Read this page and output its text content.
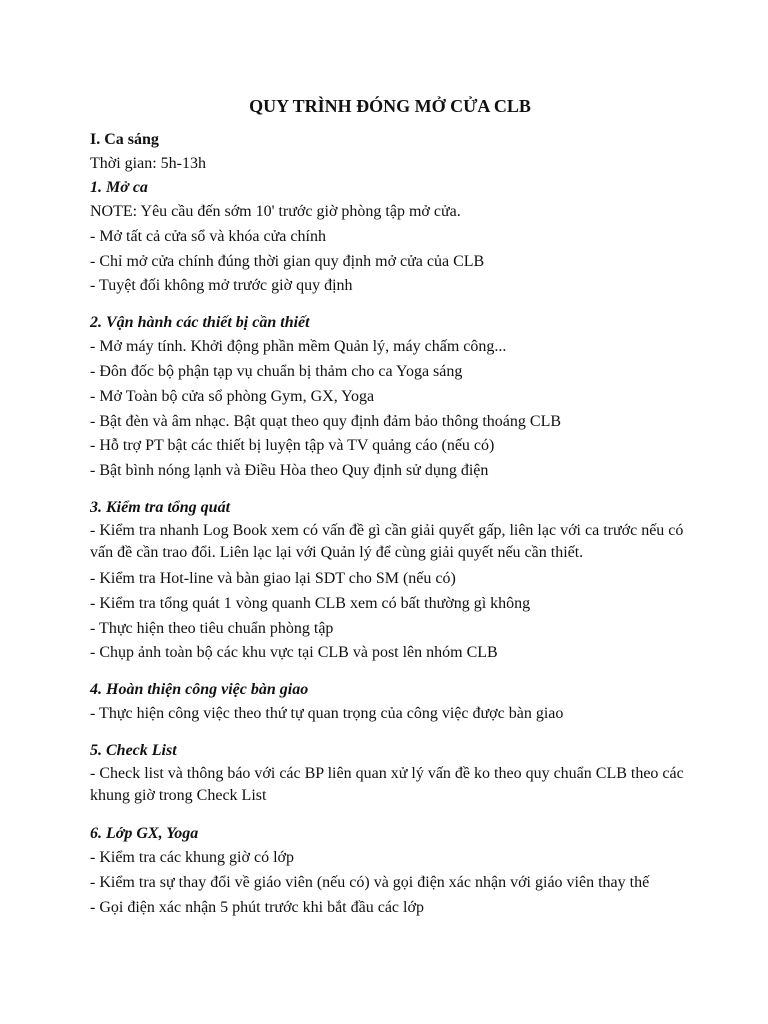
QUY TRÌNH ĐÓNG MỞ CỬA CLB

I. Ca sáng

Thời gian: 5h-13h

1. Mở ca

NOTE: Yêu cầu đến sớm 10' trước giờ phòng tập mở cửa.
- Mở tất cả cửa sổ và khóa cửa chính
- Chỉ mở cửa chính đúng thời gian quy định mở cửa của CLB
- Tuyệt đối không mở trước giờ quy định

2. Vận hành các thiết bị cần thiết

- Mở máy tính. Khởi động phần mềm Quản lý, máy chấm công...
- Đôn đốc bộ phận tạp vụ chuẩn bị thảm cho ca Yoga sáng
- Mở Toàn bộ cửa sổ phòng Gym, GX, Yoga
- Bật đèn và âm nhạc. Bật quạt theo quy định đảm bảo thông thoáng CLB
- Hỗ trợ PT bật các thiết bị luyện tập và TV quảng cáo (nếu có)
- Bật bình nóng lạnh và Điều Hòa theo Quy định sử dụng điện

3. Kiểm tra tổng quát

- Kiểm tra nhanh Log Book xem có vấn đề gì cần giải quyết gấp, liên lạc với ca trước nếu có vấn đề cần trao đổi. Liên lạc lại với Quản lý để cùng giải quyết nếu cần thiết.
- Kiểm tra Hot-line và bàn giao lại SDT cho SM (nếu có)
- Kiểm tra tổng quát 1 vòng quanh CLB xem có bất thường gì không
- Thực hiện theo tiêu chuẩn phòng tập
- Chụp ảnh toàn bộ các khu vực tại CLB và post lên nhóm CLB

4. Hoàn thiện công việc bàn giao

- Thực hiện công việc theo thứ tự quan trọng của công việc được bàn giao

5. Check List

- Check list và thông báo với các BP liên quan xử lý vấn đề ko theo quy chuẩn CLB theo các khung giờ trong Check List

6. Lớp GX, Yoga

- Kiểm tra các khung giờ có lớp
- Kiểm tra sự thay đổi về giáo viên (nếu có) và gọi điện xác nhận với giáo viên thay thế
- Gọi điện xác nhận 5 phút trước khi bắt đầu các lớp
